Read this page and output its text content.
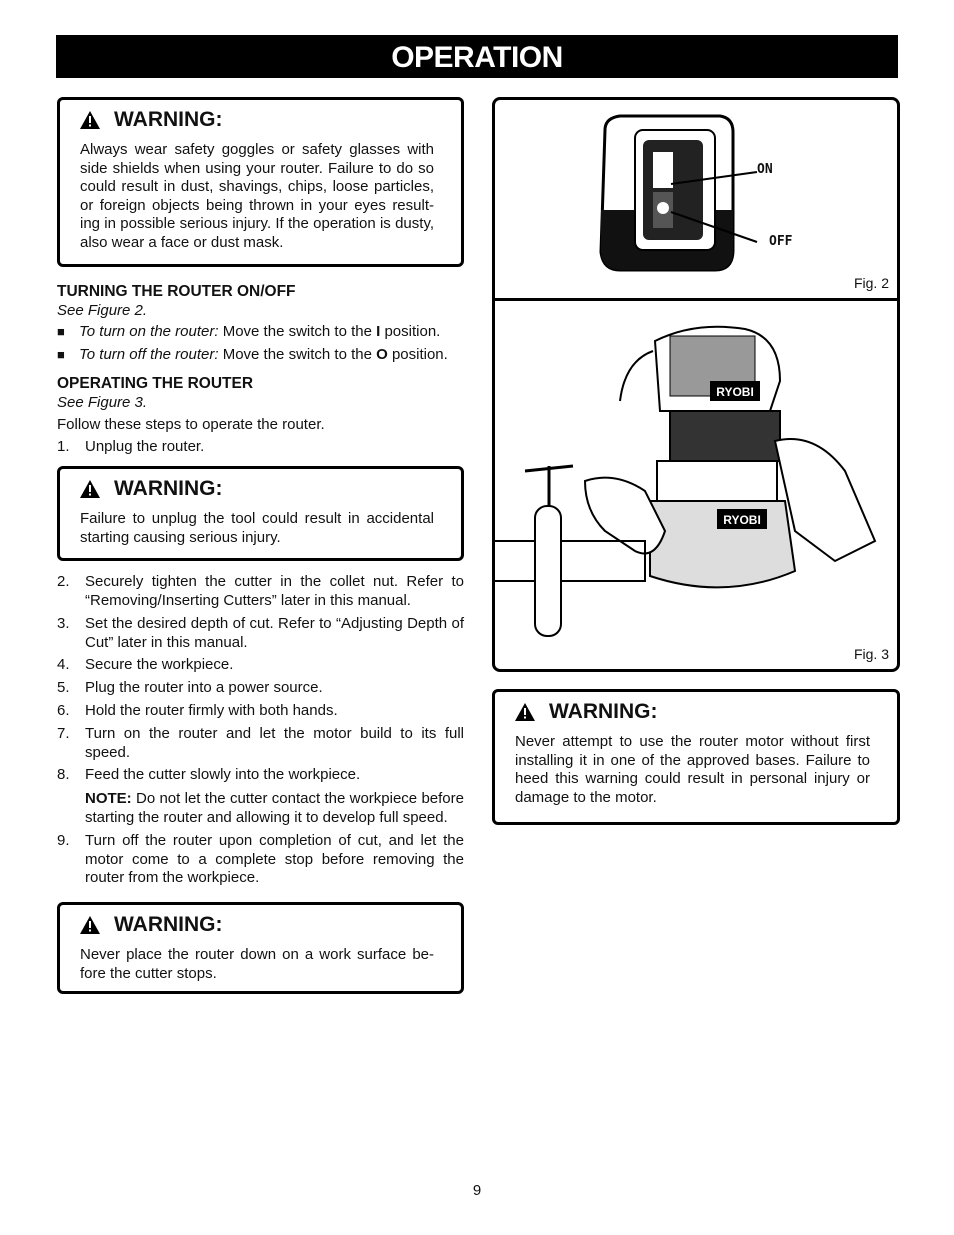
OPERATION
WARNING:
Always wear safety goggles or safety glasses with side shields when using your router. Failure to do so could result in dust, shavings, chips, loose particles, or foreign objects being thrown in your eyes result- ing in possible serious injury. If the operation is dusty, also wear a face or dust mask.
TURNING THE ROUTER ON/OFF
See Figure 2.
■ To turn on the router: Move the switch to the I position.
■ To turn off the router: Move the switch to the O position.
OPERATING THE ROUTER
See Figure 3.
Follow these steps to operate the router.
1.	Unplug the router.
WARNING:
Failure to unplug the tool could result in accidental starting causing serious injury.
2.	Securely tighten the cutter in the collet nut. Refer to “Removing/Inserting Cutters” later in this manual.
3.	Set the desired depth of cut. Refer to “Adjusting Depth of Cut” later in this manual.
4.	Secure the workpiece.
5.	Plug the router into a power source.
6.	Hold the router firmly with both hands.
7.	Turn on the router and let the motor build to its full speed.
8.	Feed the cutter slowly into the workpiece.
NOTE: Do not let the cutter contact the workpiece before starting the router and allowing it to develop full speed.
9.	Turn off the router upon completion of cut, and let the motor come to a complete stop before removing the router from the workpiece.
WARNING:
Never place the router down on a work surface be- fore the cutter stops.
ON
OFF
Fig. 2
RYOBI
RYOBI
Fig. 3
WARNING:
Never attempt to use the router motor without first installing it in one of the approved bases. Failure to heed this warning could result in personal injury or damage to the motor.
9
